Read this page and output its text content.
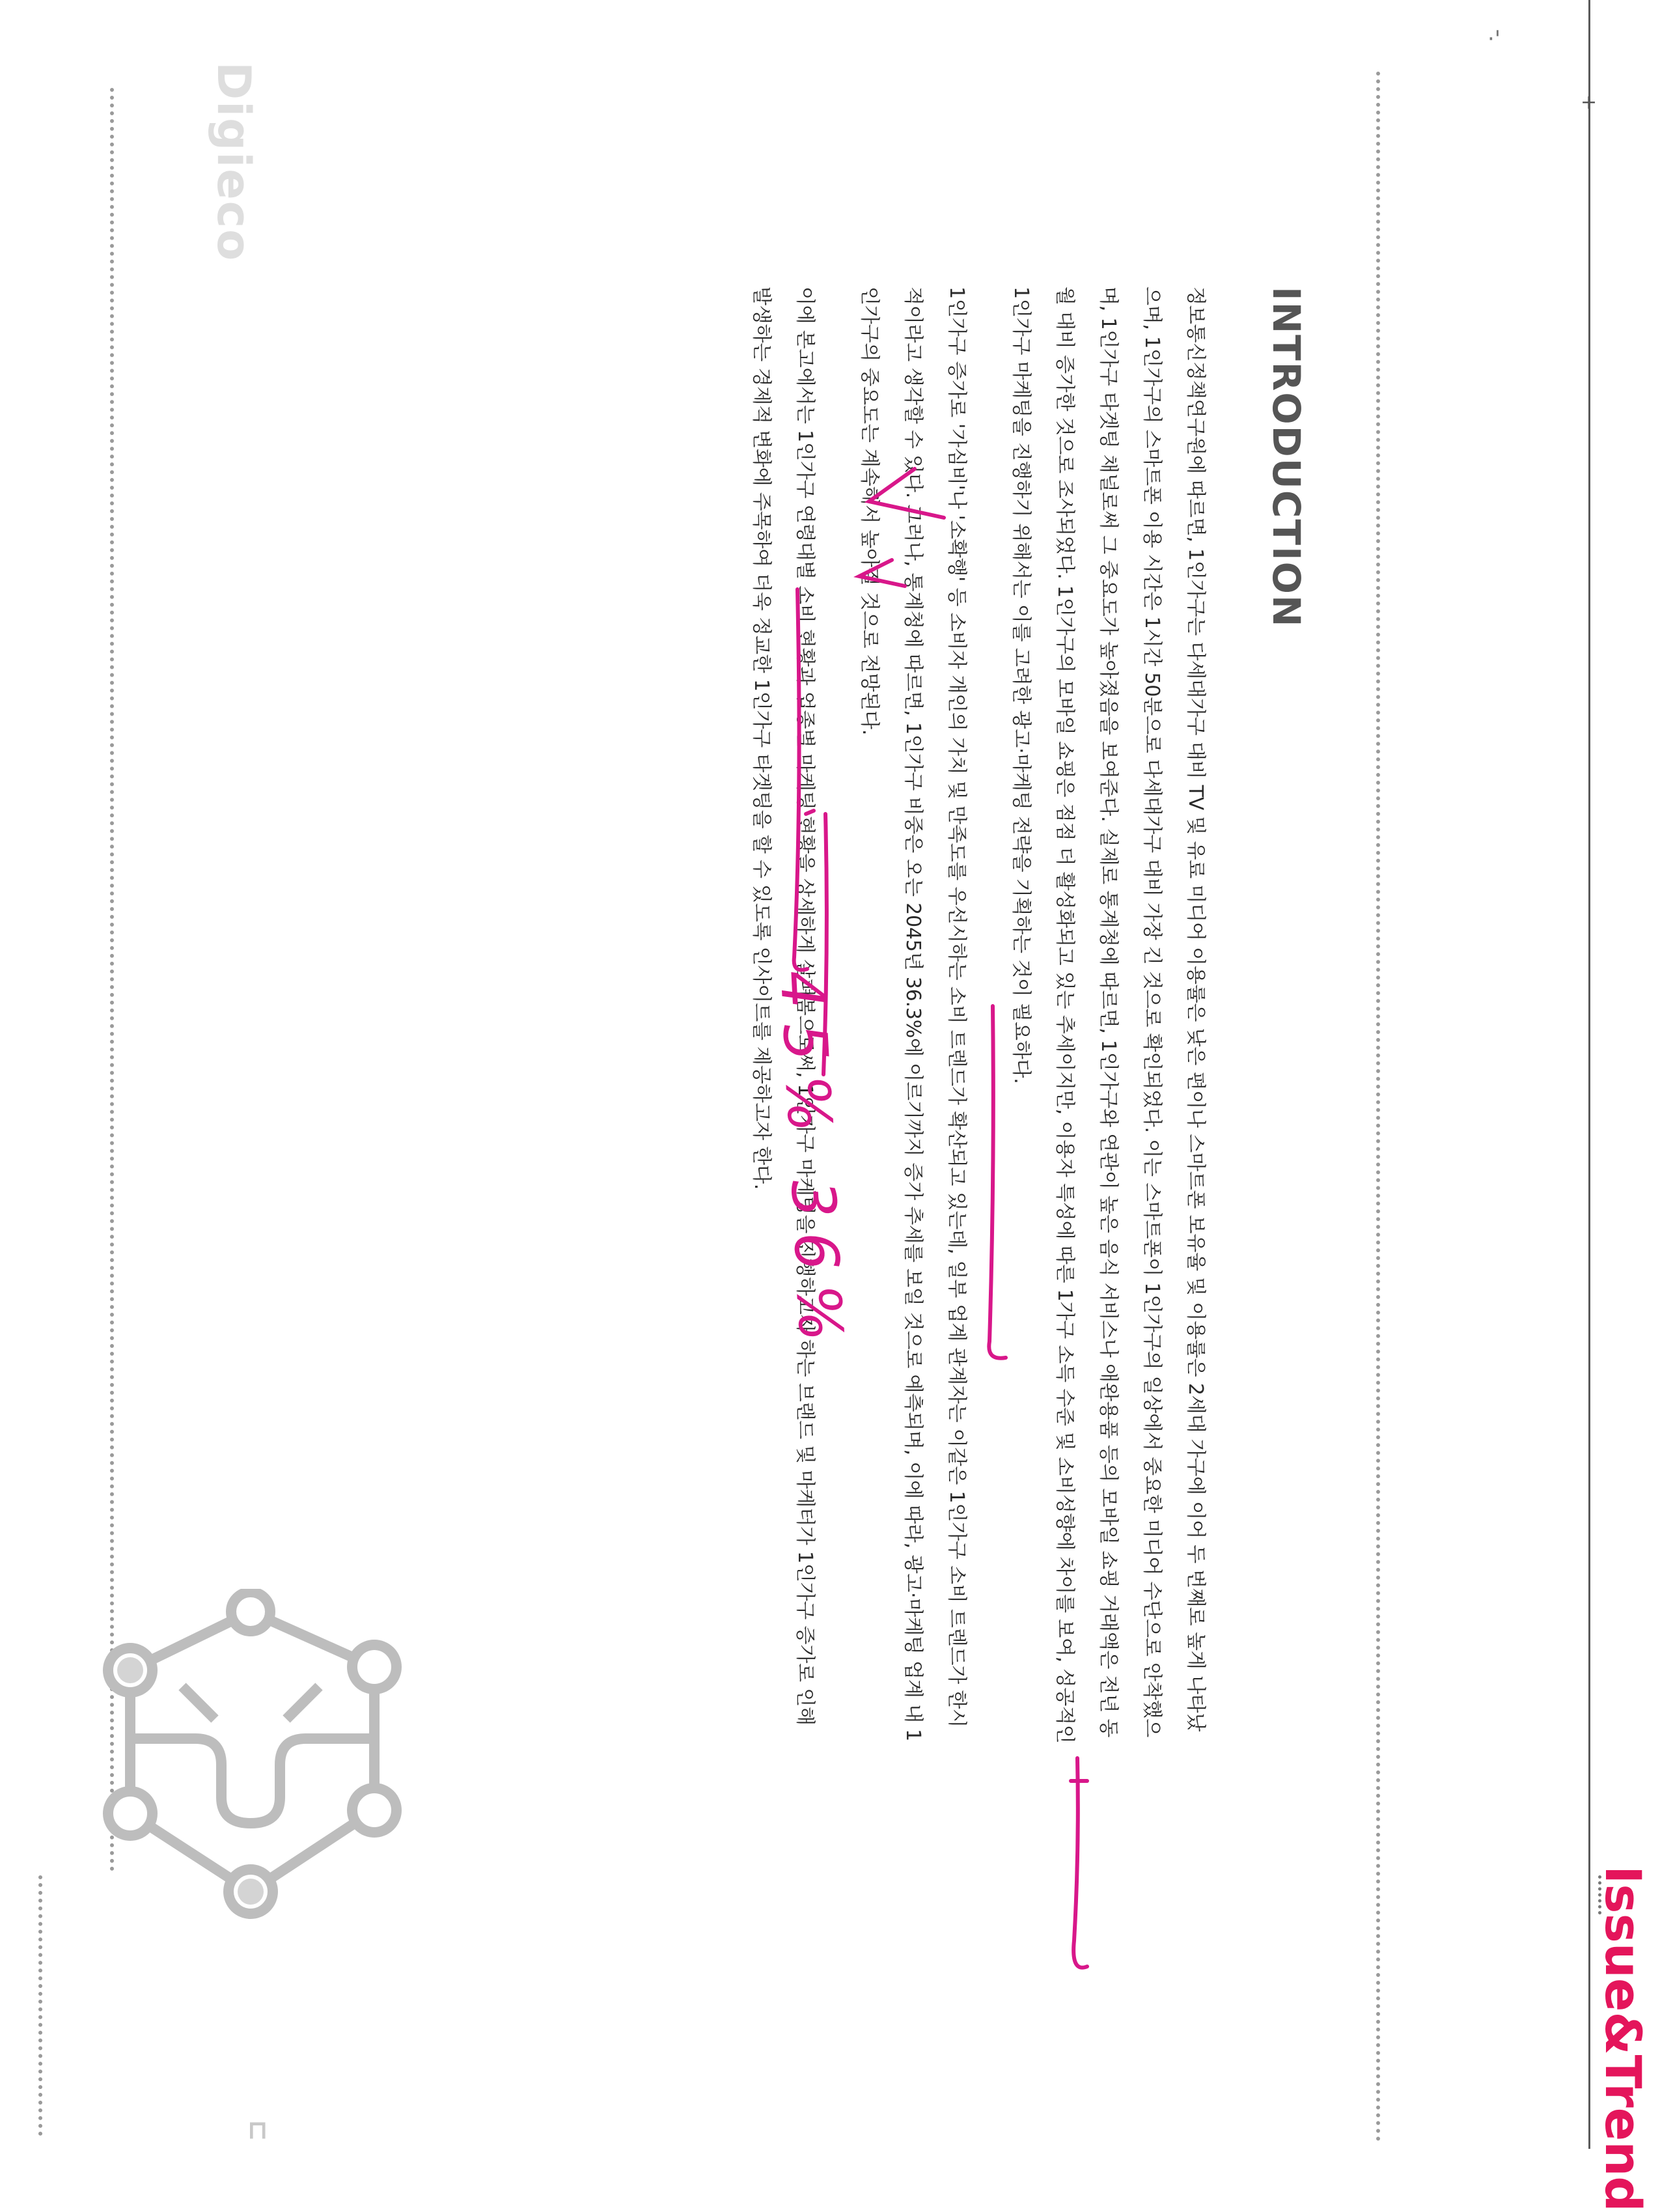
·'
+
Digieco
Issue&Trend
INTRODUCTION

정보통신정책연구원에 따르면, 1인가구는 다세대가구 대비 TV 및 유료 미디어 이용률은 낮은 편이나 스마트폰 보유율 및 이용률은 2세대 가구에 이어 두 번째로 높게 나타났으며, 1인가구의 스마트폰 이용 시간은 1시간 50분으로 다세대가구 대비 가장 긴 것으로 확인되었다. 이는 스마트폰이 1인가구의 일상에서 중요한 미디어 수단으로 안착했으며, 1인가구 타겟팅 채널로써 그 중요도가 높아졌음을 보여준다. 실제로 통계청에 따르면, 1인가구와 연관이 높은 음식 서비스나 애완용품 등의 모바일 쇼핑 거래액은 전년 동월 대비 증가한 것으로 조사되었다. 1인가구의 모바일 쇼핑은 점점 더 활성화되고 있는 추세이지만, 이용자 특성에 따른 1가구 소득 수준 및 소비성향에 차이를 보여, 성공적인 1인가구 마케팅을 진행하기 위해서는 이를 고려한 광고·마케팅 전략을 기획하는 것이 필요하다.

1인가구 증가로 '가심비'나 '소확행' 등 소비자 개인의 가치 및 만족도를 우선시하는 소비 트렌드가 확산되고 있는데, 일부 업계 관계자는 이같은 1인가구 소비 트렌드가 한시적이라고 생각할 수 있다. 그러나, 통계청에 따르면, 1인가구 비중은 오는 2045년 36.3%에 이르기까지 증가 추세를 보일 것으로 예측되며, 이에 따라, 광고·마케팅 업계 내 1인가구의 중요도는 계속해서 높아질 것으로 전망된다.

이에 본고에서는 1인가구 연령대별 소비 현황과 업종별 마케팅 현황을 상세하게 살펴봄으로써, 1인가구 마케팅을 진행하고자 하는 브랜드 및 마케터가 1인가구 증가로 인해 발생하는 경제적 변화에 주목하여 더욱 정교한 1인가구 타겟팅을 할 수 있도록 인사이트를 제공하고자 한다.

⊏
45% 36%
